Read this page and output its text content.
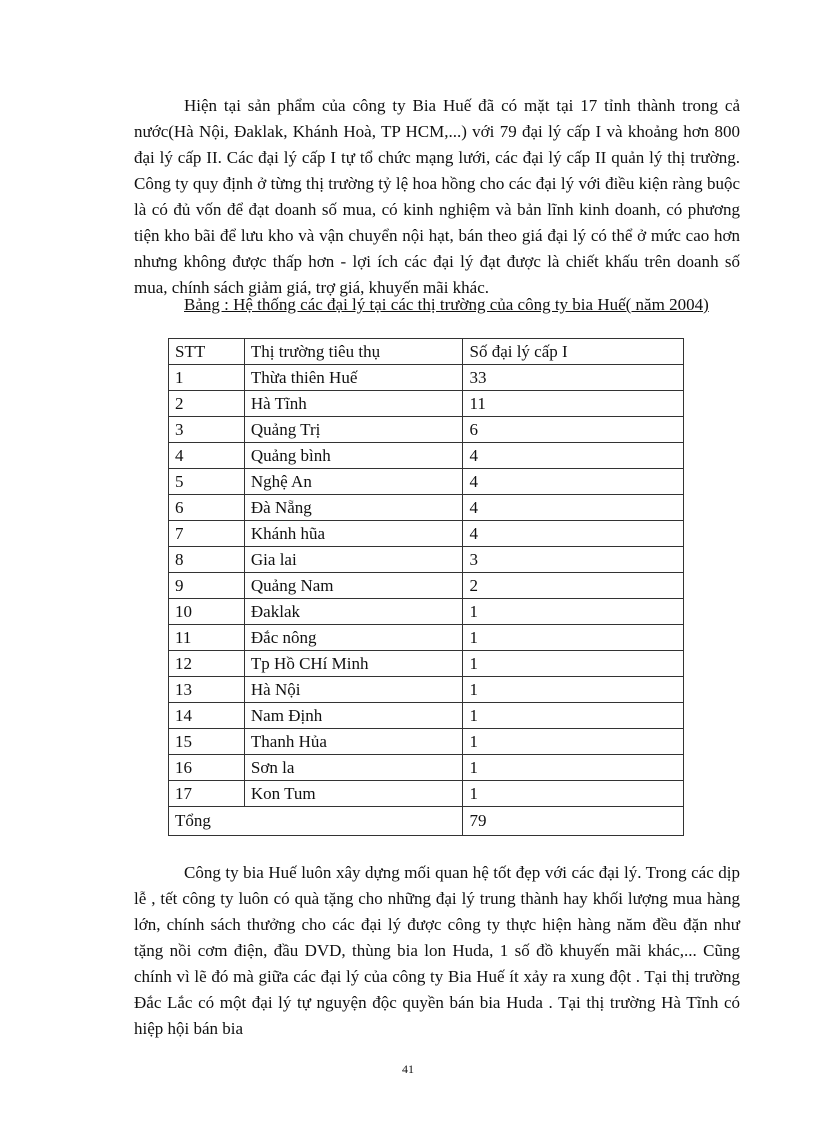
Hiện tại sản phẩm của công ty Bia Huế đã có mặt tại 17 tỉnh thành trong cả nước(Hà Nội, Đaklak, Khánh Hoà, TP HCM,...) với 79 đại lý cấp I và khoảng hơn 800 đại lý cấp II. Các đại lý cấp I tự tổ chức mạng lưới, các đại lý cấp II quản lý thị trường. Công ty quy định ở từng thị trường tỷ lệ hoa hồng cho các đại lý với điều kiện ràng buộc là có đủ vốn để đạt doanh số mua, có kinh nghiệm và bản lĩnh kinh doanh, có phương tiện kho bãi để lưu kho và vận chuyển nội hạt, bán theo giá đại lý có thể ở mức cao hơn nhưng không được thấp hơn - lợi ích các đại lý đạt được là chiết khấu trên doanh số mua, chính sách giảm giá, trợ giá, khuyến mãi khác.

Bảng : Hệ thống các đại lý tại các thị trường của công ty bia Huế( năm 2004)

STT	Thị trường tiêu thụ	Số đại lý cấp I
1	Thừa thiên Huế	33
2	Hà Tĩnh	11
3	Quảng Trị	6
4	Quảng bình	4
5	Nghệ An	4
6	Đà Nẵng	4
7	Khánh hũa	4
8	Gia lai	3
9	Quảng Nam	2
10	Đaklak	1
11	Đắc nông	1
12	Tp Hồ CHí Minh	1
13	Hà Nội	1
14	Nam Định	1
15	Thanh Hủa	1
16	Sơn la	1
17	Kon Tum	1
Tổng		79

Công ty bia Huế luôn xây dựng mối quan hệ tốt đẹp với các đại lý. Trong các dịp lễ , tết công ty luôn có quà tặng cho những đại lý trung thành hay khối lượng mua hàng lớn, chính sách thưởng cho các đại lý được công ty thực hiện hàng năm đều đặn như tặng nồi cơm điện, đầu DVD, thùng bia lon Huda, 1 số đồ khuyến mãi khác,... Cũng chính vì lẽ đó mà giữa các đại lý của công ty Bia Huế ít xảy ra xung đột . Tại thị trường Đắc Lắc có một đại lý tự nguyện độc quyền bán bia Huda . Tại thị trường Hà Tĩnh có hiệp hội bán bia

41
